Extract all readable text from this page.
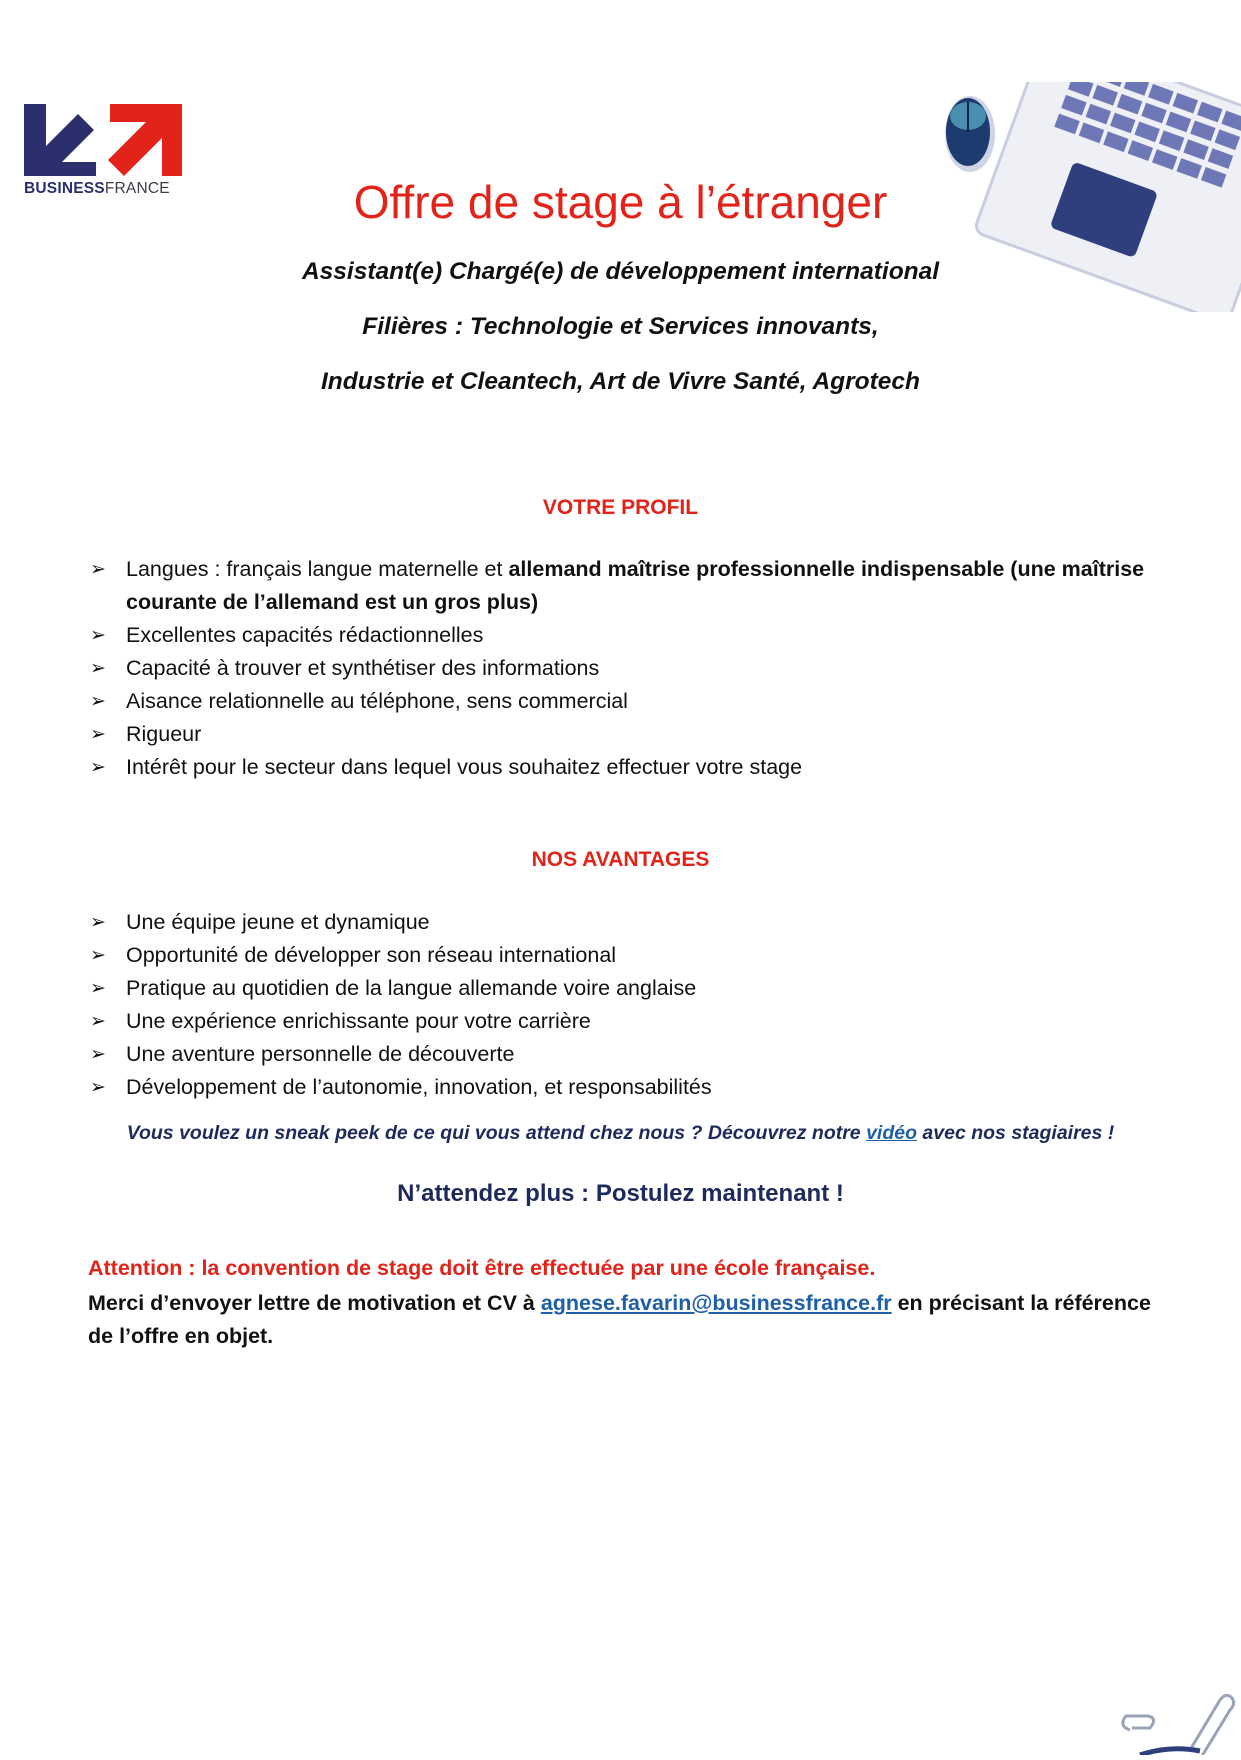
BUSINESSFRANCE	Offre de stage à l’étranger
Assistant(e) Chargé(e) de développement international
Filières : Technologie et Services innovants,
Industrie et Cleantech, Art de Vivre Santé, Agrotech
VOTRE PROFIL
➢ Langues : français langue maternelle et allemand maîtrise professionnelle indispensable (une maîtrise courante de l’allemand est un gros plus)
➢ Excellentes capacités rédactionnelles
➢ Capacité à trouver et synthétiser des informations
➢ Aisance relationnelle au téléphone, sens commercial
➢ Rigueur
➢ Intérêt pour le secteur dans lequel vous souhaitez effectuer votre stage
NOS AVANTAGES
➢ Une équipe jeune et dynamique
➢ Opportunité de développer son réseau international
➢ Pratique au quotidien de la langue allemande voire anglaise
➢ Une expérience enrichissante pour votre carrière
➢ Une aventure personnelle de découverte
➢ Développement de l’autonomie, innovation, et responsabilités
Vous voulez un sneak peek de ce qui vous attend chez nous ? Découvrez notre vidéo avec nos stagiaires !
N’attendez plus : Postulez maintenant !
Attention : la convention de stage doit être effectuée par une école française.
Merci d’envoyer lettre de motivation et CV à agnese.favarin@businessfrance.fr en précisant la référence de l’offre en objet.
